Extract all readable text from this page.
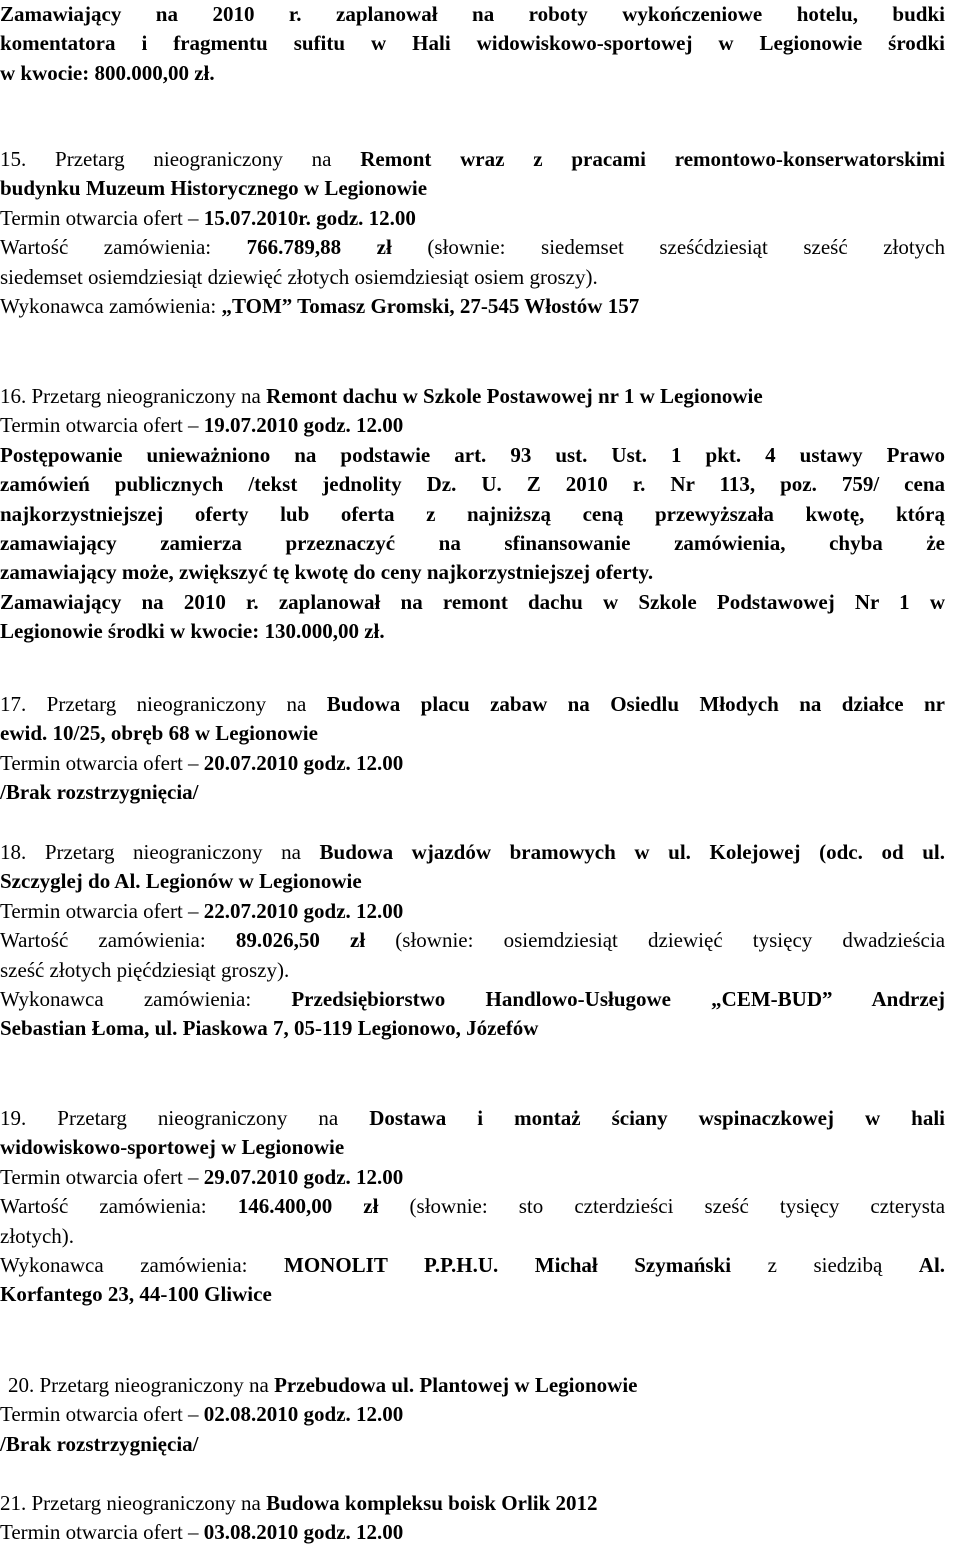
Zamawiający na 2010 r. zaplanował na roboty wykończeniowe hotelu, budki
komentatora i fragmentu sufitu w Hali widowiskowo-sportowej w Legionowie środki
w kwocie: 800.000,00 zł.
15. Przetarg nieograniczony na Remont wraz z pracami remontowo-konserwatorskimi
budynku Muzeum Historycznego w Legionowie
Termin otwarcia ofert – 15.07.2010r. godz. 12.00
Wartość zamówienia: 766.789,88 zł (słownie: siedemset sześćdziesiąt sześć złotych
siedemset osiemdziesiąt dziewięć złotych osiemdziesiąt osiem groszy).
Wykonawca zamówienia: „TOM” Tomasz Gromski, 27-545 Włostów 157
16. Przetarg nieograniczony na Remont dachu w Szkole Postawowej nr 1 w Legionowie
Termin otwarcia ofert – 19.07.2010 godz. 12.00
Postępowanie unieważniono na podstawie art. 93 ust. Ust. 1 pkt. 4 ustawy Prawo
zamówień publicznych /tekst jednolity Dz. U. Z 2010 r. Nr 113, poz. 759/ cena
najkorzystniejszej oferty lub oferta z najniższą ceną przewyższała kwotę, którą
zamawiający zamierza przeznaczyć na sfinansowanie zamówienia, chyba że
zamawiający może, zwiększyć tę kwotę do ceny najkorzystniejszej oferty.
Zamawiający na 2010 r. zaplanował na remont dachu w Szkole Podstawowej Nr 1 w
Legionowie środki w kwocie: 130.000,00 zł.
17. Przetarg nieograniczony na Budowa placu zabaw na Osiedlu Młodych na działce nr
ewid. 10/25, obręb 68 w Legionowie
Termin otwarcia ofert – 20.07.2010 godz. 12.00
/Brak rozstrzygnięcia/
18. Przetarg nieograniczony na Budowa wjazdów bramowych w ul. Kolejowej (odc. od ul.
Szczyglej do Al. Legionów w Legionowie
Termin otwarcia ofert – 22.07.2010 godz. 12.00
Wartość zamówienia: 89.026,50 zł (słownie: osiemdziesiąt dziewięć tysięcy dwadzieścia
sześć złotych pięćdziesiąt groszy).
Wykonawca zamówienia: Przedsiębiorstwo Handlowo-Usługowe „CEM-BUD” Andrzej
Sebastian Łoma, ul. Piaskowa 7, 05-119 Legionowo, Józefów
19. Przetarg nieograniczony na Dostawa i montaż ściany wspinaczkowej w hali
widowiskowo-sportowej w Legionowie
Termin otwarcia ofert – 29.07.2010 godz. 12.00
Wartość zamówienia: 146.400,00 zł (słownie: sto czterdzieści sześć tysięcy czterysta
złotych).
Wykonawca zamówienia: MONOLIT P.P.H.U. Michał Szymański z siedzibą Al.
Korfantego 23, 44-100 Gliwice
20. Przetarg nieograniczony na Przebudowa ul. Plantowej w Legionowie
Termin otwarcia ofert – 02.08.2010 godz. 12.00
/Brak rozstrzygnięcia/
21. Przetarg nieograniczony na Budowa kompleksu boisk Orlik 2012
Termin otwarcia ofert – 03.08.2010 godz. 12.00
